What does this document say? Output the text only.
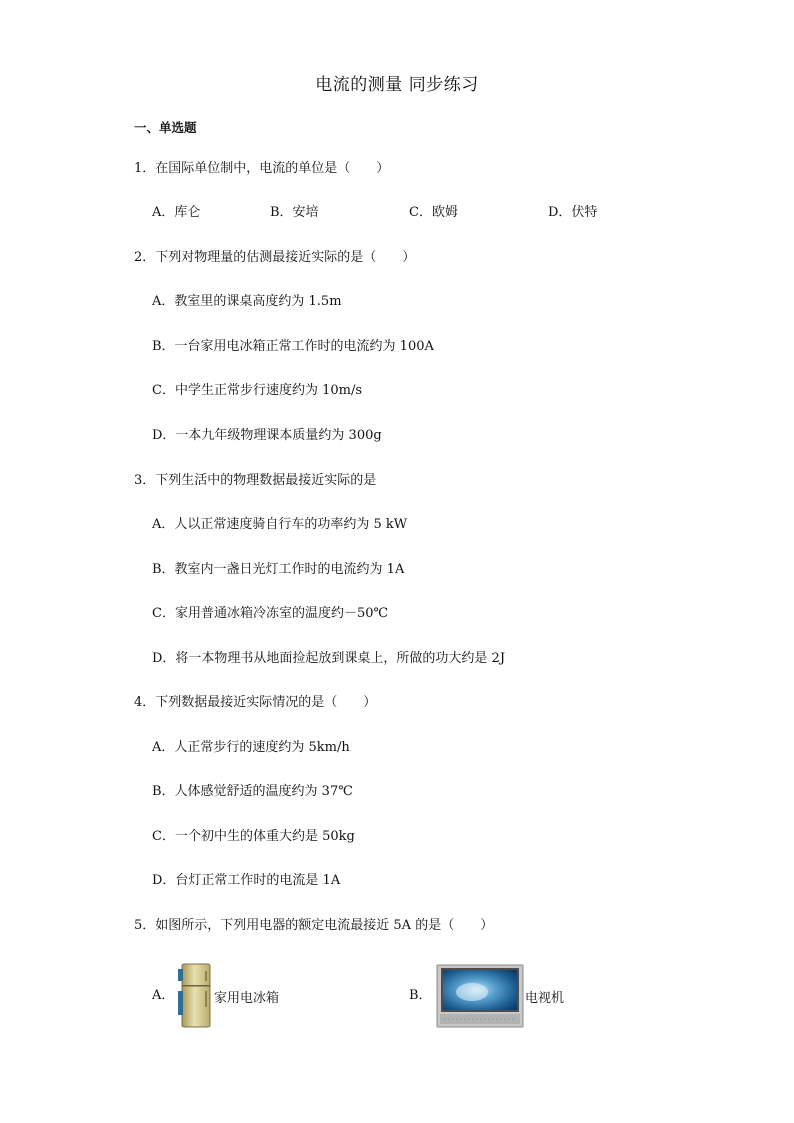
电流的测量 同步练习
一、单选题
1．在国际单位制中，电流的单位是（　　）
A．库仑	B．安培	C．欧姆	D．伏特
2．下列对物理量的估测最接近实际的是（　　）
A．教室里的课桌高度约为 1.5m
B．一台家用电冰箱正常工作时的电流约为 100A
C．中学生正常步行速度约为 10m/s
D．一本九年级物理课本质量约为 300g
3．下列生活中的物理数据最接近实际的是
A．人以正常速度骑自行车的功率约为 5 kW
B．教室内一盏日光灯工作时的电流约为 1A
C．家用普通冰箱冷冻室的温度约－50℃
D．将一本物理书从地面捡起放到课桌上，所做的功大约是 2J
4．下列数据最接近实际情况的是（　　）
A．人正常步行的速度约为 5km/h
B．人体感觉舒适的温度约为 37℃
C．一个初中生的体重大约是 50kg
D．台灯正常工作时的电流是 1A
5．如图所示，下列用电器的额定电流最接近 5A 的是（　　）
A．	家用电冰箱	B．	电视机
